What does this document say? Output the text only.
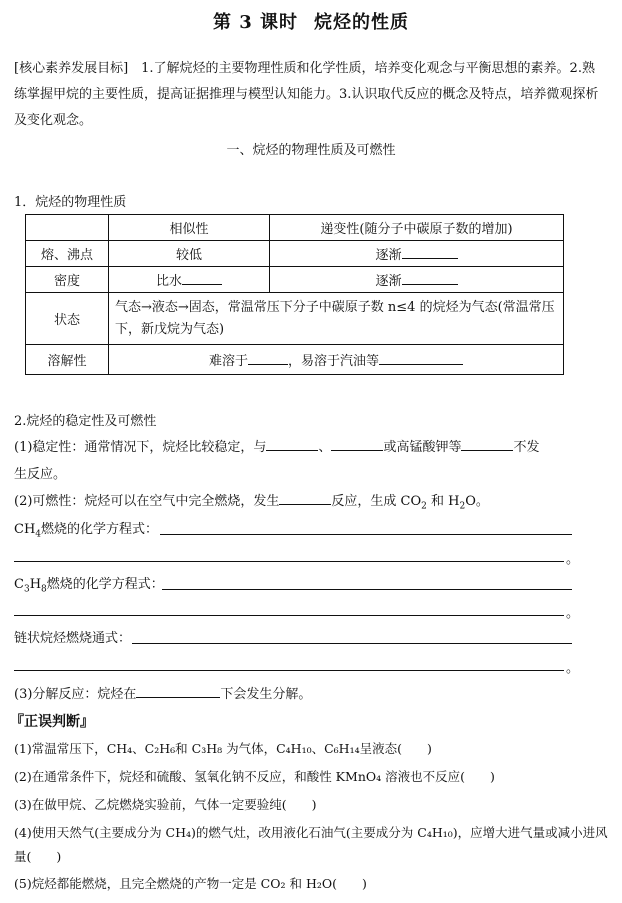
第 3 课时 烷烃的性质
[核心素养发展目标]　1.了解烷烃的主要物理性质和化学性质，培养变化观念与平衡思想的素养。2.熟练掌握甲烷的主要性质，提高证据推理与模型认知能力。3.认识取代反应的概念及特点，培养微观探析及变化观念。
一、烷烃的物理性质及可燃性
1．烷烃的物理性质
	相似性	递变性(随分子中碳原子数的增加)
熔、沸点	较低	逐渐
密度	比水	逐渐
状态	气态→液态→固态，常温常压下分子中碳原子数 n≤4 的烷烃为气态(常温常压下，新戊烷为气态)	
溶解性	难溶于 ，易溶于汽油等	
2.烷烃的稳定性及可燃性
(1)稳定性：通常情况下，烷烃比较稳定，与	、	或高锰酸钾等	不发
生反应。
(2)可燃性：烷烃可以在空气中完全燃烧，发生	反应，生成 $CO_2$ 和 $H_2O$。
$CH_4$燃烧的化学方程式：
。
$C_3H_8$燃烧的化学方程式：
。
链状烷烃燃烧通式：
。
(3)分解反应：烷烃在	下会发生分解。
『正误判断』
(1)常温常压下，CH₄、C₂H₆和 C₃H₈ 为气体，C₄H₁₀、C₆H₁₄呈液态(　　)
(2)在通常条件下，烷烃和硫酸、氢氧化钠不反应，和酸性 KMnO₄ 溶液也不反应(　　)
(3)在做甲烷、乙烷燃烧实验前，气体一定要验纯(　　)
(4)使用天然气(主要成分为 CH₄)的燃气灶，改用液化石油气(主要成分为 C₄H₁₀)，应增大进气量或减小进风量(　　)
(5)烷烃都能燃烧，且完全燃烧的产物一定是 CO₂ 和 H₂O(　　)
